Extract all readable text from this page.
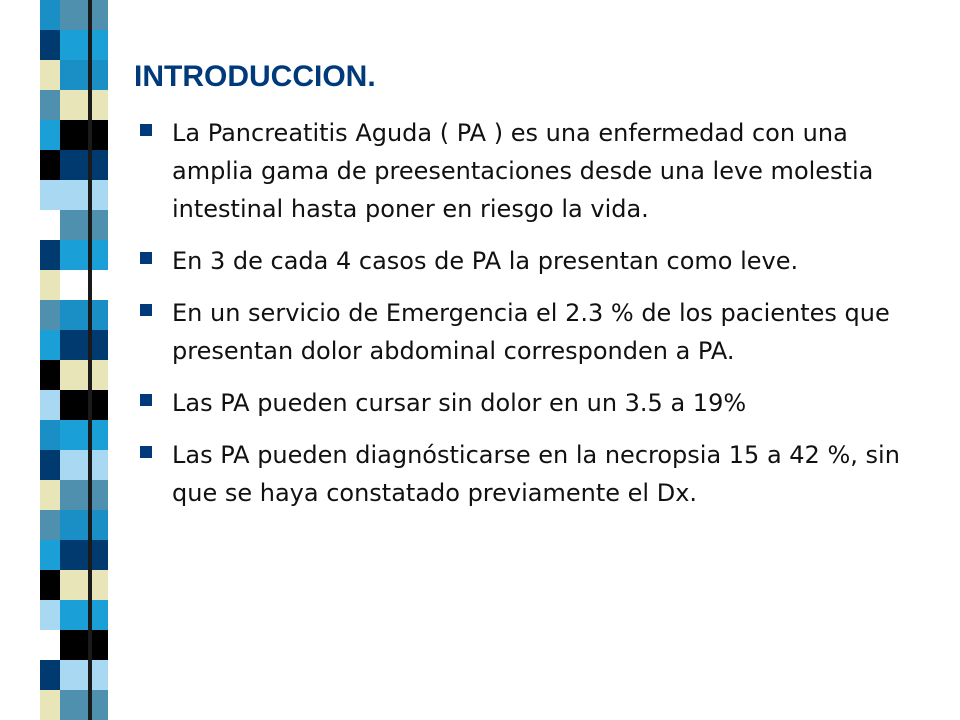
INTRODUCCION.
La Pancreatitis Aguda ( PA ) es una enfermedad con una amplia gama de preesentaciones desde una leve molestia intestinal hasta poner en riesgo la vida.
En 3 de cada 4 casos de PA la presentan como leve.
En un servicio de Emergencia el 2.3 % de los pacientes que presentan dolor abdominal corresponden a PA.
Las PA pueden cursar sin dolor en un 3.5 a 19%
Las PA pueden diagnósticarse en la necropsia 15 a 42 %, sin que se haya constatado previamente el Dx.
